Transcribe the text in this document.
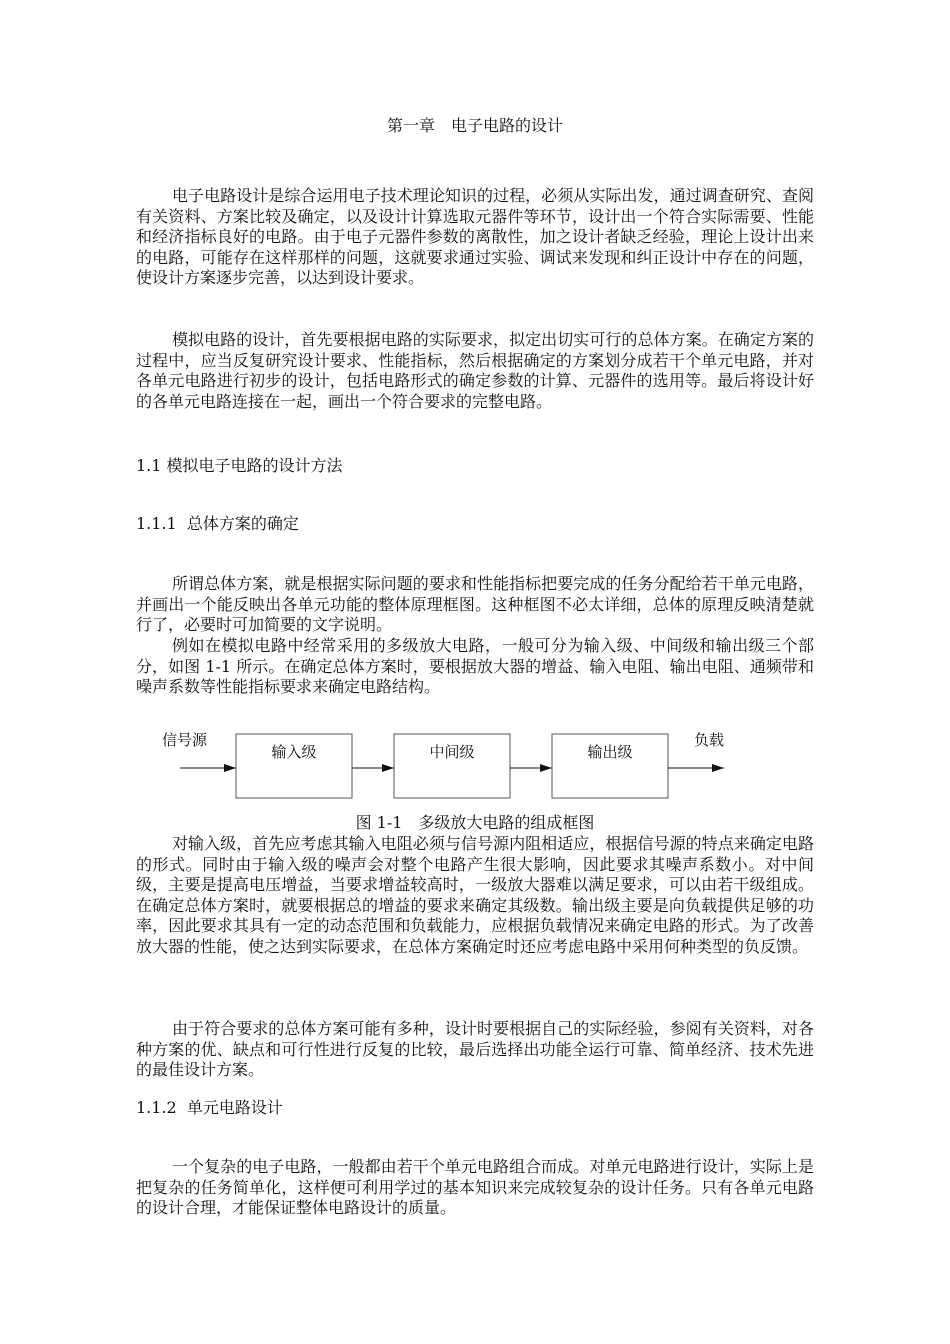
第一章　电子电路的设计

电子电路设计是综合运用电子技术理论知识的过程，必须从实际出发，通过调查研究、查阅有关资料、方案比较及确定，以及设计计算选取元器件等环节，设计出一个符合实际需要、性能和经济指标良好的电路。由于电子元器件参数的离散性，加之设计者缺乏经验，理论上设计出来的电路，可能存在这样那样的问题，这就要求通过实验、调试来发现和纠正设计中存在的问题，使设计方案逐步完善，以达到设计要求。

模拟电路的设计，首先要根据电路的实际要求，拟定出切实可行的总体方案。在确定方案的过程中，应当反复研究设计要求、性能指标，然后根据确定的方案划分成若干个单元电路，并对各单元电路进行初步的设计，包括电路形式的确定参数的计算、元器件的选用等。最后将设计好的各单元电路连接在一起，画出一个符合要求的完整电路。

1.1 模拟电子电路的设计方法
1.1.1  总体方案的确定

所谓总体方案，就是根据实际问题的要求和性能指标把要完成的任务分配给若干单元电路，并画出一个能反映出各单元功能的整体原理框图。这种框图不必太详细，总体的原理反映清楚就行了，必要时可加简要的文字说明。

例如在模拟电路中经常采用的多级放大电路，一般可分为输入级、中间级和输出级三个部分，如图 1-1 所示。在确定总体方案时，要根据放大器的增益、输入电阻、输出电阻、通频带和噪声系数等性能指标要求来确定电路结构。

信号源
输入级	中间级	输出级
负载
图 1-1　多级放大电路的组成框图

对输入级，首先应考虑其输入电阻必须与信号源内阻相适应，根据信号源的特点来确定电路的形式。同时由于输入级的噪声会对整个电路产生很大影响，因此要求其噪声系数小。对中间级，主要是提高电压增益，当要求增益较高时，一级放大器难以满足要求，可以由若干级组成。在确定总体方案时，就要根据总的增益的要求来确定其级数。输出级主要是向负载提供足够的功率，因此要求其具有一定的动态范围和负载能力，应根据负载情况来确定电路的形式。为了改善放大器的性能，使之达到实际要求，在总体方案确定时还应考虑电路中采用何种类型的负反馈。

由于符合要求的总体方案可能有多种，设计时要根据自己的实际经验，参阅有关资料，对各种方案的优、缺点和可行性进行反复的比较，最后选择出功能全运行可靠、简单经济、技术先进的最佳设计方案。

1.1.2  单元电路设计

一个复杂的电子电路，一般都由若干个单元电路组合而成。对单元电路进行设计，实际上是把复杂的任务简单化，这样便可利用学过的基本知识来完成较复杂的设计任务。只有各单元电路的设计合理，才能保证整体电路设计的质量。
